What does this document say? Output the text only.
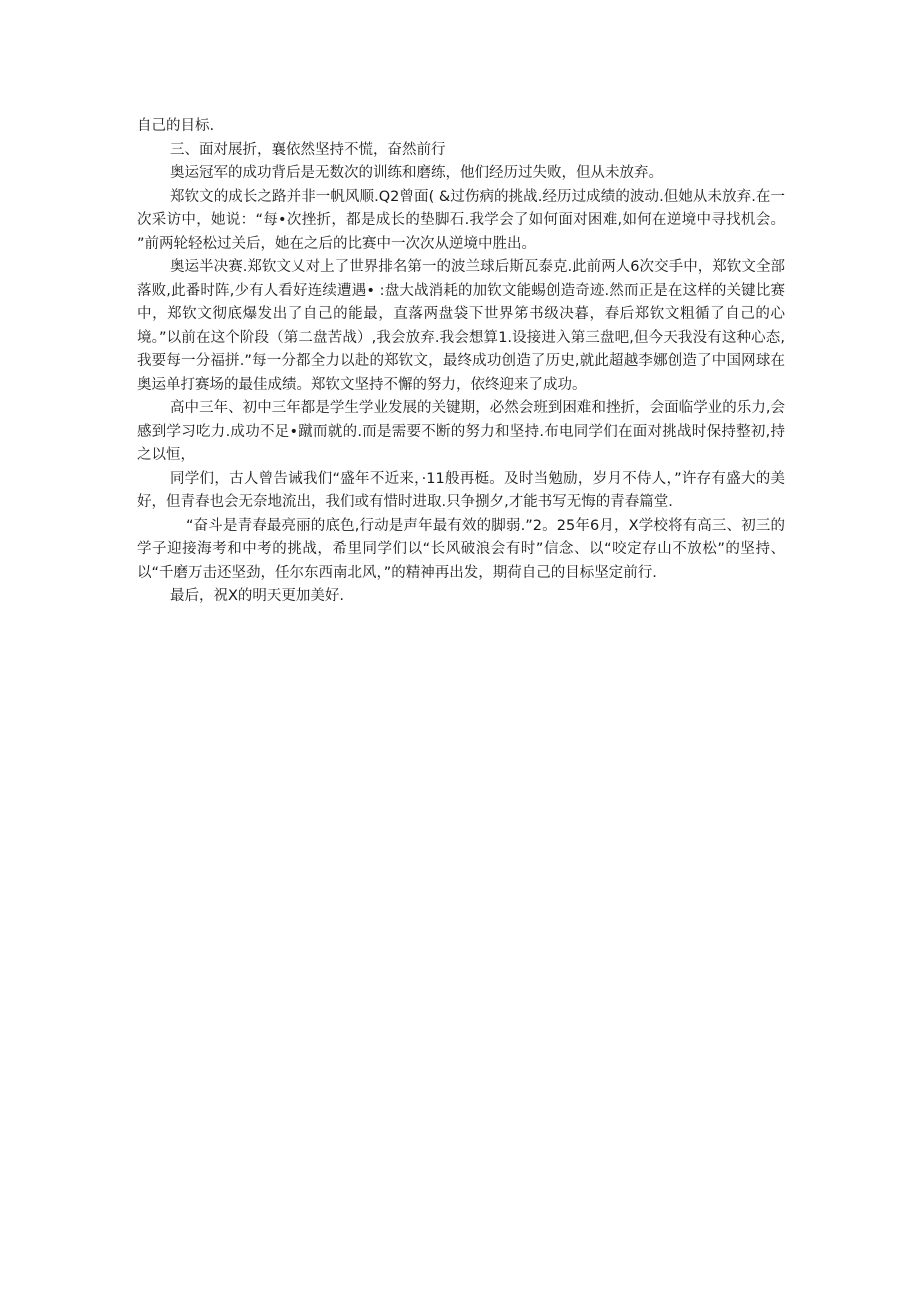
自己的目标.

三、面对展折，襄依然坚持不慌，奋然前行

奥运冠军的成功背后是无数次的训练和磨练，他们经历过失败，但从未放弃。

郑钦文的成长之路并非一帆风顺.Q2曾面( &过伤病的挑战.经历过成绩的波动.但她从未放弃.在一次采访中，她说：“每•次挫折，都是成长的垫脚石.我学会了如何面对困难,如何在逆境中寻找机会。 ”前两轮轻松过关后，她在之后的比赛中一次次从逆境中胜出。

奥运半决赛.郑钦文乂对上了世界排名第一的波兰球后斯瓦泰克.此前两人6次交手中，郑钦文全部落败,此番时阵,少有人看好连续遭遇• :盘大战消耗的加钦文能蜴创造奇迹.然而正是在这样的关键比赛中，郑钦文彻底爆发出了自己的能最，直落两盘袋下世界笫书级决暮，春后郑钦文粗循了自己的心境。”以前在这个阶段（第二盘苦战）,我会放弃.我会想算1.设接进入第三盘吧,但今天我没有这种心态,我要每一分福拼.”每一分都全力以赴的郑钦文，最终成功创造了历史,就此超越李娜创造了中国网球在奥运单打赛场的最佳成绩。郑钦文坚持不懈的努力，依终迎来了成功。

高中三年、初中三年都是学生学业发展的关键期，必然会班到困难和挫折，会面临学业的乐力,会感到学习吃力.成功不足•蹴而就的.而是需要不断的努力和坚持.布电同学们在面对挑战时保持整初,持之以恒，

同学们，古人曾告诫我们“盛年不近来，·11般再梃。及时当勉励，岁月不侍人，”许存有盛大的美好，但青春也会无奈地流出，我们或有惜时进取.只争捌夕,才能书写无悔的青春篇堂.

“奋斗是青春最亮丽的底色,行动是声年最有效的脚弱.”2。25年6月，X学校将有高三、初三的学子迎接海考和中考的挑战，希里同学们以“长风破浪会有时”信念、以“咬定存山不放松”的坚持、以“千磨万击还坚劲，任尔东西南北风，”的精神再出发，期荷自己的目标坚定前行.

最后，祝X的明天更加美好.
